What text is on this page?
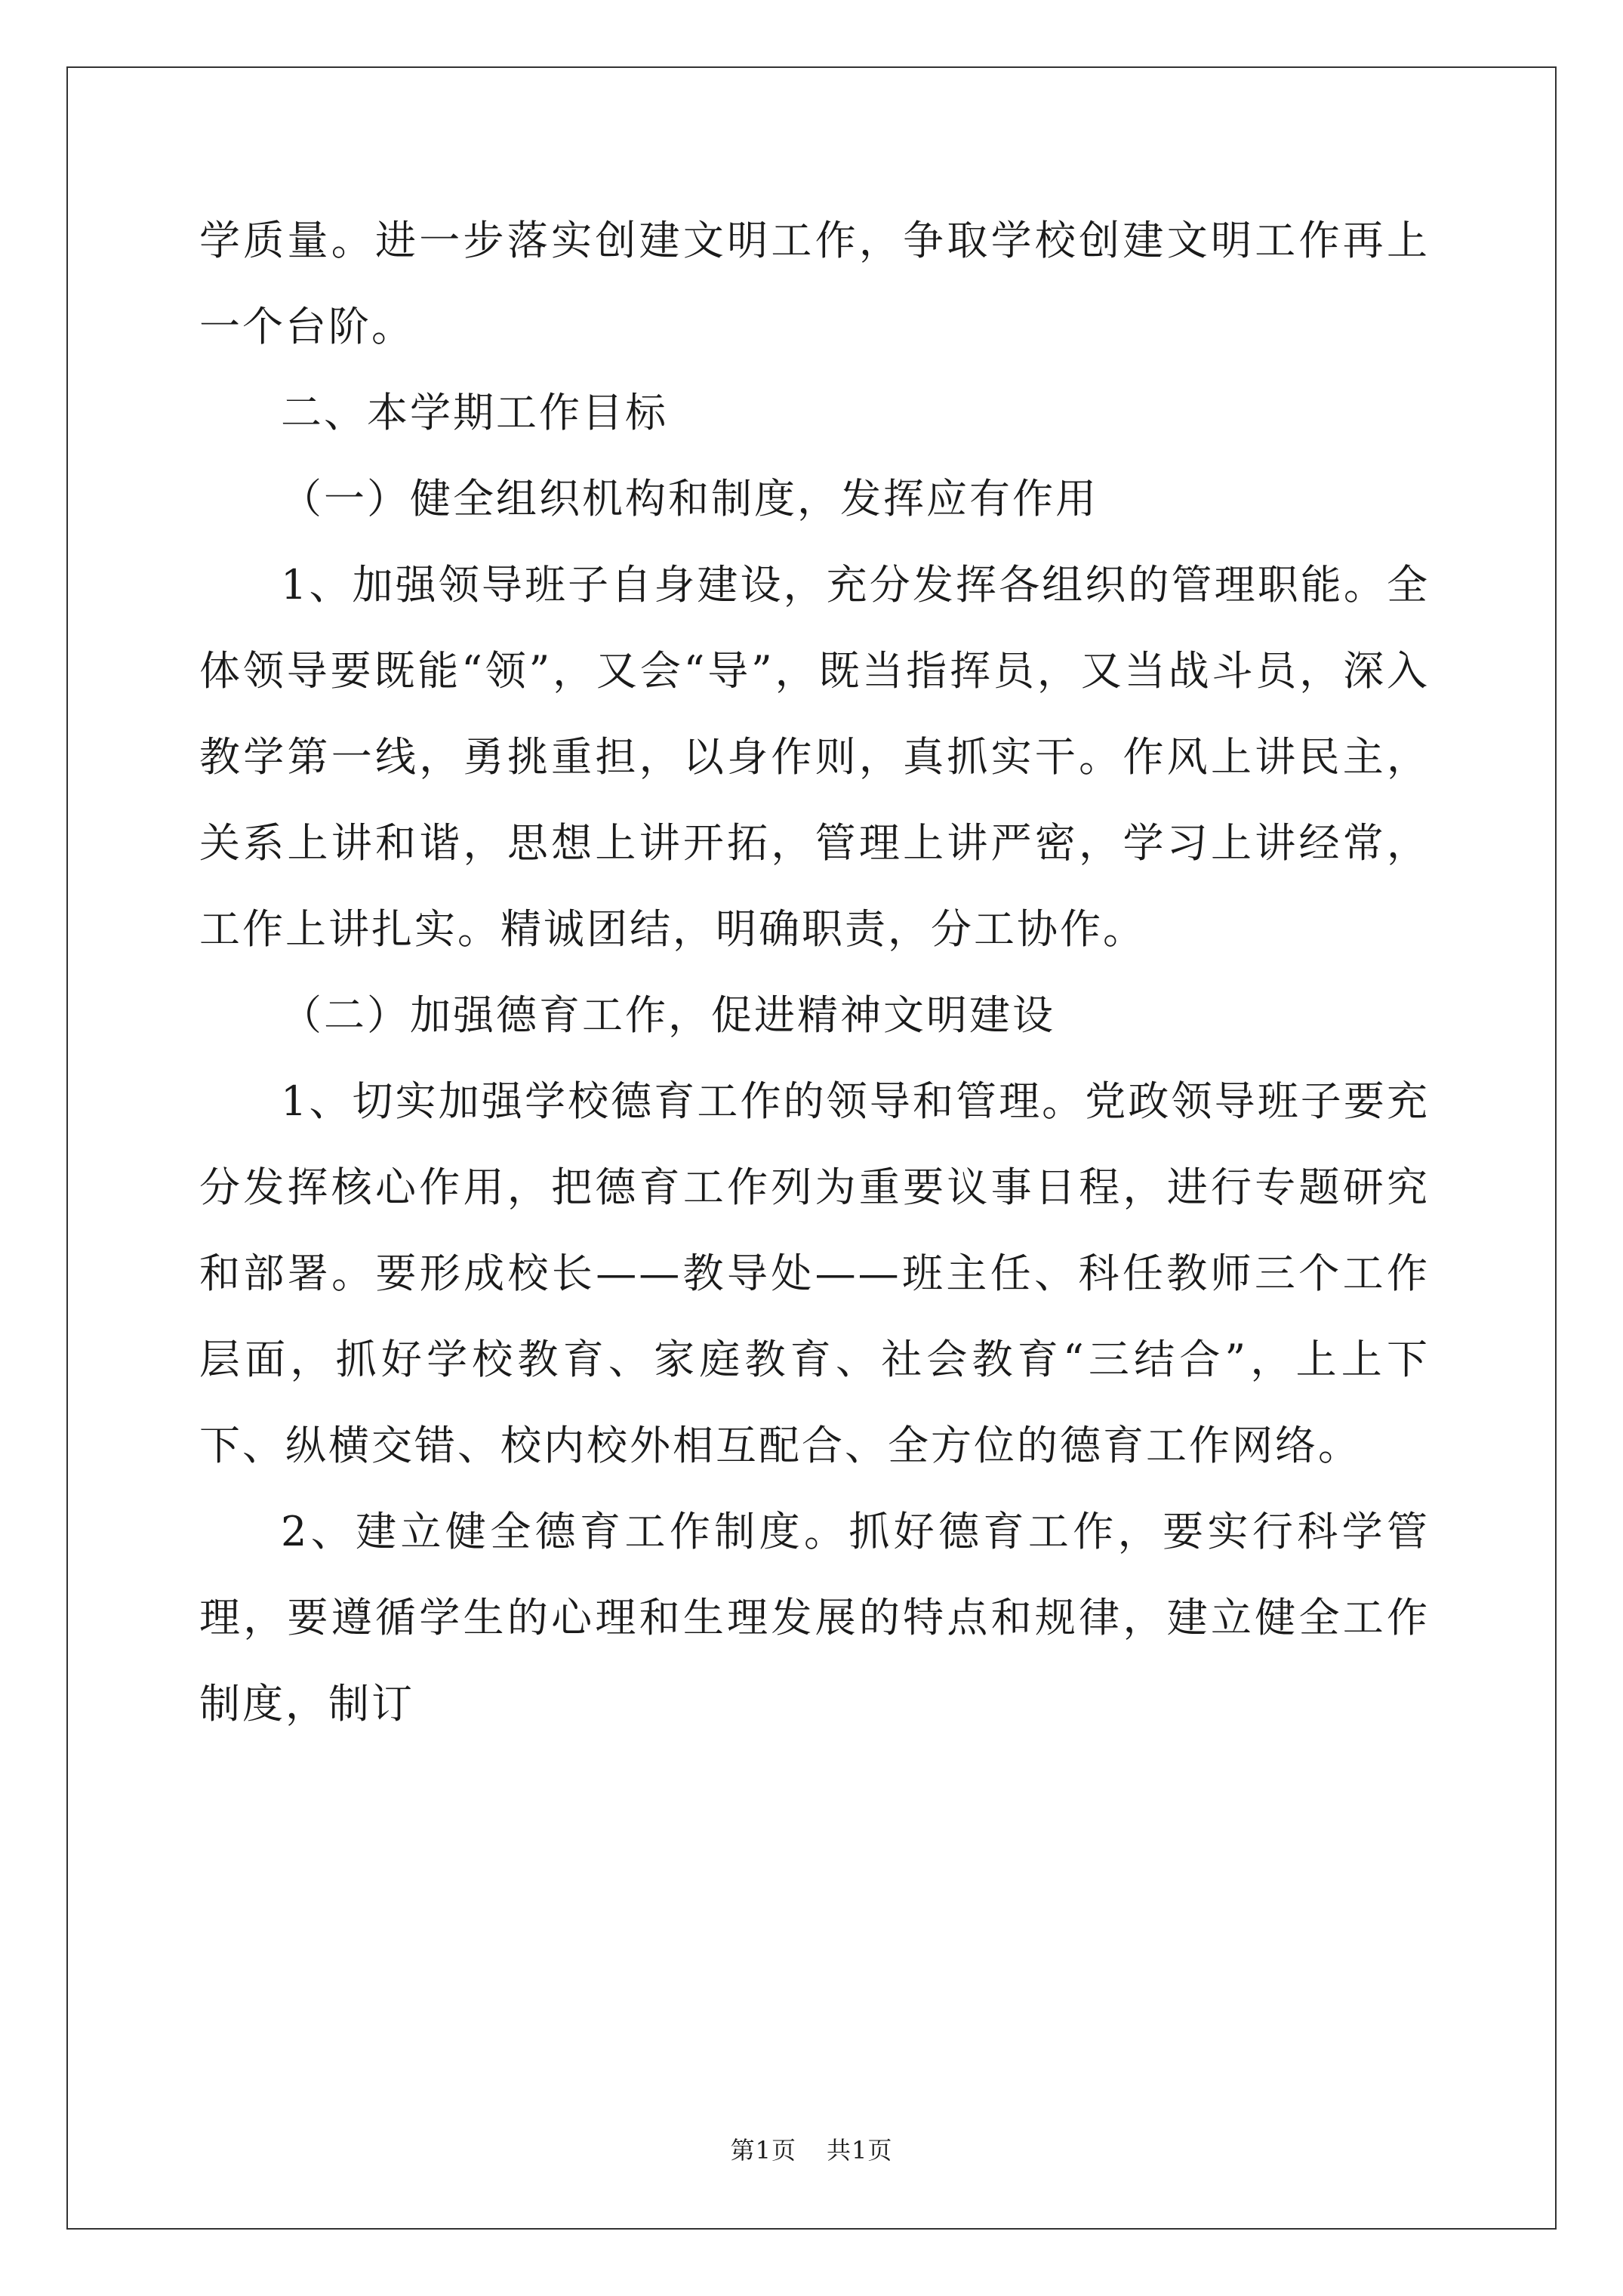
学质量。进一步落实创建文明工作，争取学校创建文明工作再上一个台阶。

二、本学期工作目标

（一）健全组织机构和制度，发挥应有作用

1、加强领导班子自身建设，充分发挥各组织的管理职能。全体领导要既能“领”，又会“导”，既当指挥员，又当战斗员，深入教学第一线，勇挑重担，以身作则，真抓实干。作风上讲民主，关系上讲和谐，思想上讲开拓，管理上讲严密，学习上讲经常，工作上讲扎实。精诚团结，明确职责，分工协作。

（二）加强德育工作，促进精神文明建设

1、切实加强学校德育工作的领导和管理。党政领导班子要充分发挥核心作用，把德育工作列为重要议事日程，进行专题研究和部署。要形成校长——教导处——班主任、科任教师三个工作层面，抓好学校教育、家庭教育、社会教育“三结合”，上上下下、纵横交错、校内校外相互配合、全方位的德育工作网络。

2、建立健全德育工作制度。抓好德育工作，要实行科学管理，要遵循学生的心理和生理发展的特点和规律，建立健全工作制度，制订

第1页 共1页
